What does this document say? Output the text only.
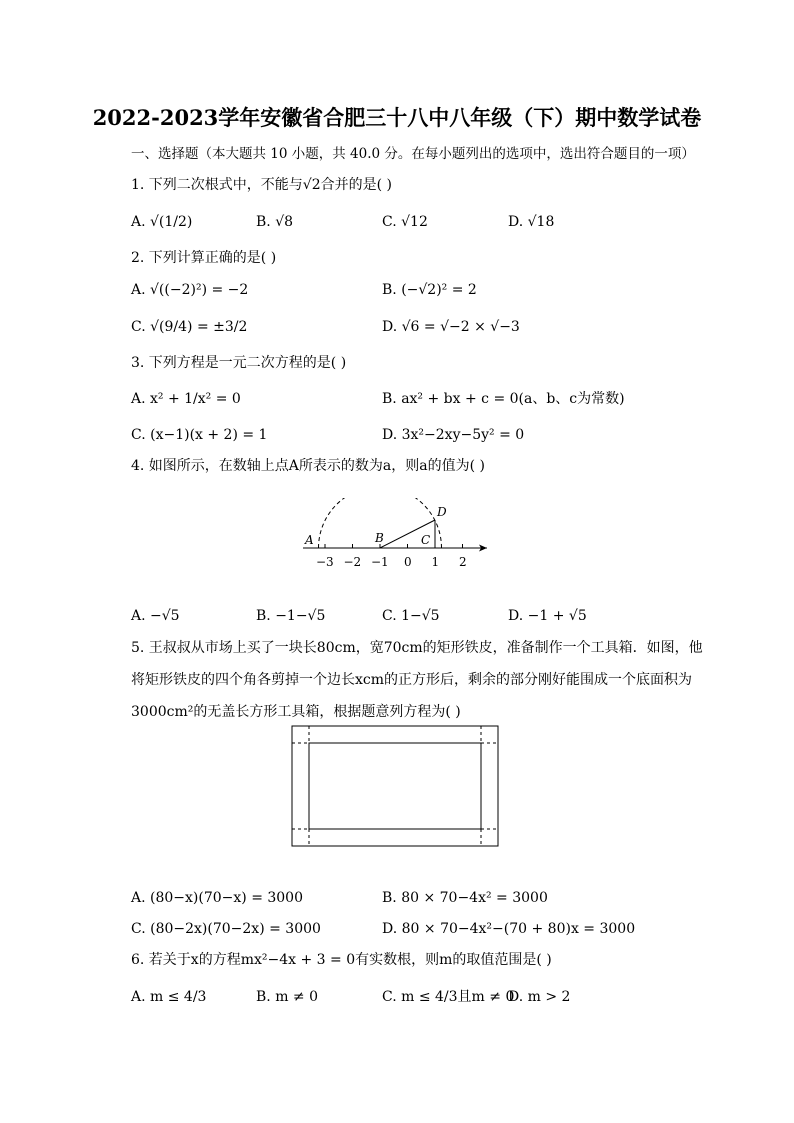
2022-2023学年安徽省合肥三十八中八年级（下）期中数学试卷
一、选择题（本大题共 10 小题，共 40.0 分。在每小题列出的选项中，选出符合题目的一项）
1. 下列二次根式中，不能与√2合并的是( )
A. √(1/2)	B. √8	C. √12	D. √18
2. 下列计算正确的是( )
A. √((−2)²) = −2	B. (−√2)² = 2
C. √(9/4) = ±3/2	D. √6 = √−2 × √−3
3. 下列方程是一元二次方程的是( )
A. x² + 1/x² = 0	B. ax² + bx + c = 0(a、b、c为常数)
C. (x−1)(x + 2) = 1	D. 3x²−2xy−5y² = 0
4. 如图所示，在数轴上点A所表示的数为a，则a的值为( )
A	B	C
D
−3 −2 −1 0 1 2
A. −√5	B. −1−√5	C. 1−√5	D. −1 + √5
5. 王叔叔从市场上买了一块长80cm，宽70cm的矩形铁皮，准备制作一个工具箱．如图，他
将矩形铁皮的四个角各剪掉一个边长xcm的正方形后，剩余的部分刚好能围成一个底面积为
3000cm²的无盖长方形工具箱，根据题意列方程为( )
A. (80−x)(70−x) = 3000	B. 80 × 70−4x² = 3000
C. (80−2x)(70−2x) = 3000	D. 80 × 70−4x²−(70 + 80)x = 3000
6. 若关于x的方程mx²−4x + 3 = 0有实数根，则m的取值范围是( )
A. m ≤ 4/3	B. m ≠ 0	C. m ≤ 4/3且m ≠ 0
D. m > 2
